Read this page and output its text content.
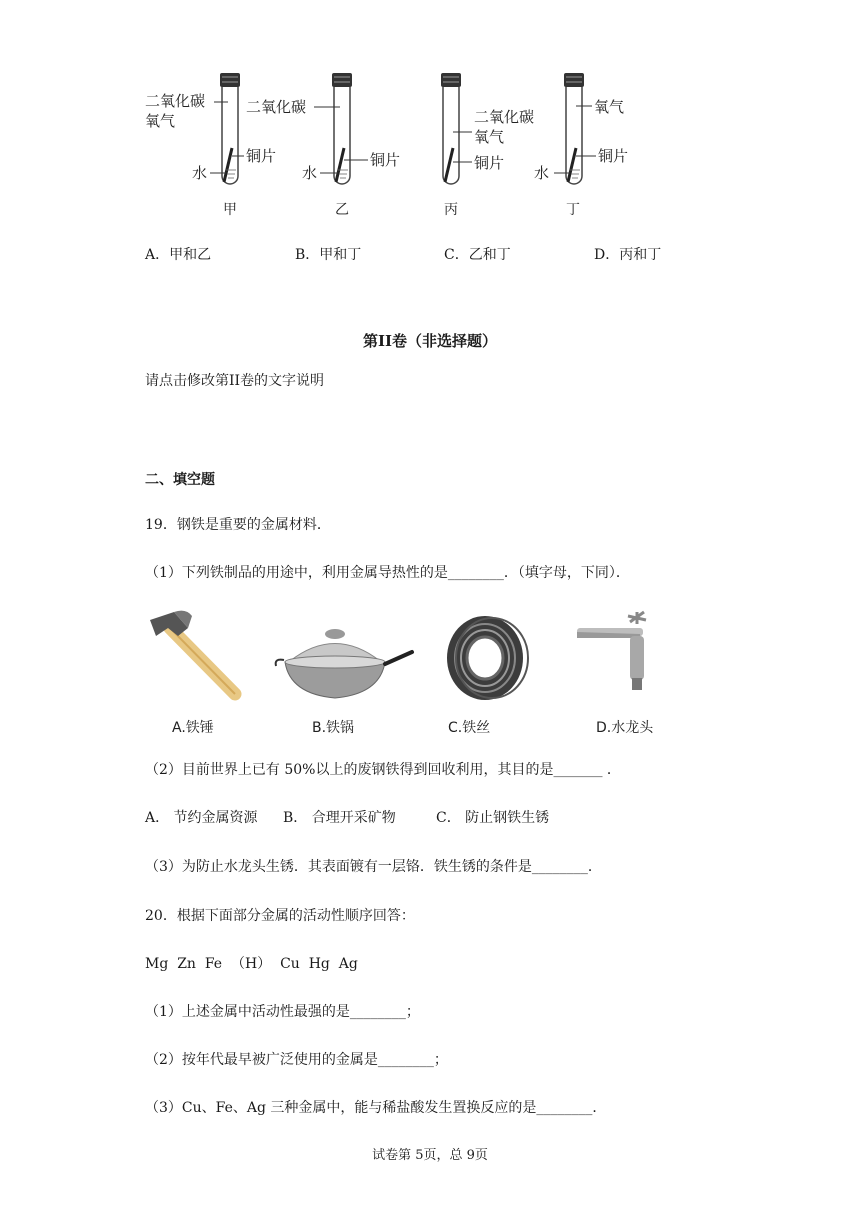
二氧化碳
氧气
铜片
水
甲
二氧化碳
铜片
水
乙
二氧化碳
氧气
铜片
丙
氧气
铜片
水
丁
A．甲和乙	B．甲和丁	C．乙和丁	D．丙和丁
第II卷（非选择题）
请点击修改第II卷的文字说明
二、填空题
19．钢铁是重要的金属材料．
（1）下列铁制品的用途中，利用金属导热性的是________．（填字母，下同）．
A.铁锤	B.铁锅	C.铁丝	D.水龙头
（2）目前世界上已有 50%以上的废钢铁得到回收利用，其目的是_______ ．
A． 节约金属资源 B． 合理开采矿物	C． 防止钢铁生锈
（3）为防止水龙头生锈．其表面镀有一层铬．铁生锈的条件是________．
20．根据下面部分金属的活动性顺序回答：
Mg  Zn  Fe  （H）  Cu  Hg  Ag
（1）上述金属中活动性最强的是________；
（2）按年代最早被广泛使用的金属是________；
（3）Cu、Fe、Ag 三种金属中，能与稀盐酸发生置换反应的是________．
试卷第 5页，总 9页
